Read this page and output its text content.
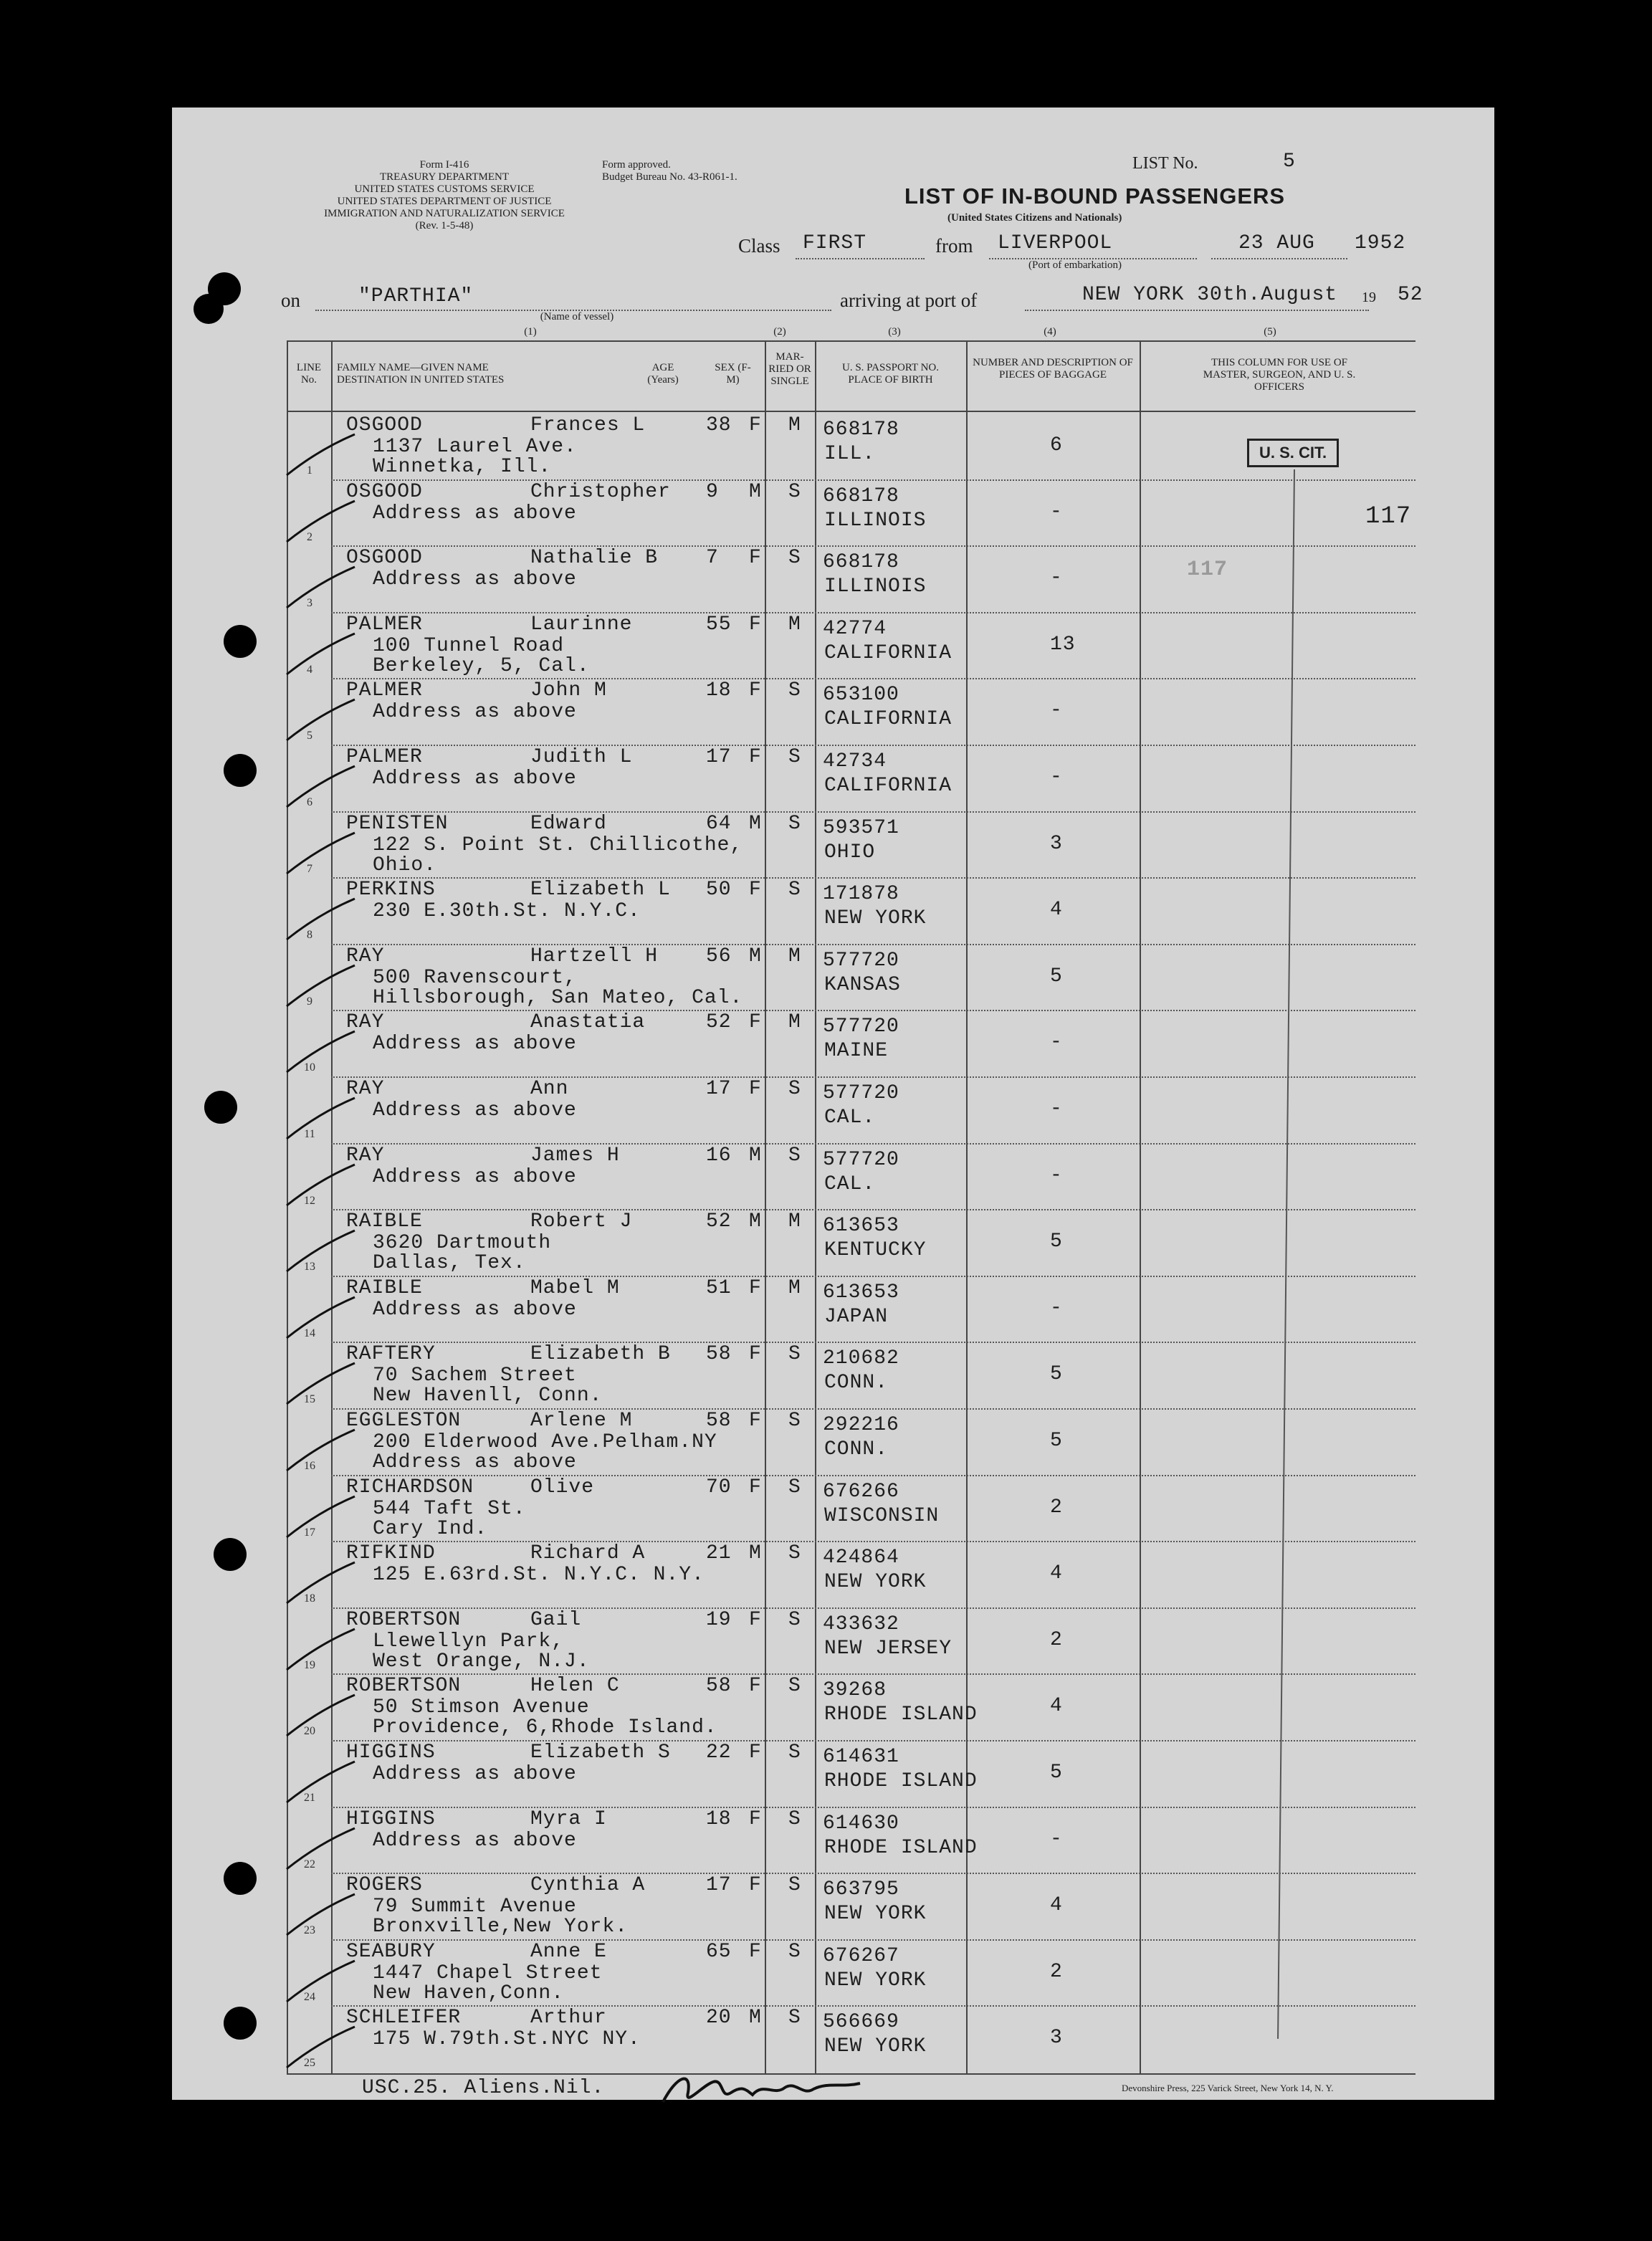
Form I-416
TREASURY DEPARTMENT
UNITED STATES CUSTOMS SERVICE
UNITED STATES DEPARTMENT OF JUSTICE
IMMIGRATION AND NATURALIZATION SERVICE
(Rev. 1-5-48)
Form approved.
Budget Bureau No. 43-R061-1.
LIST No.	5
LIST OF IN-BOUND PASSENGERS
(United States Citizens and Nationals)
Class FIRST	from LIVERPOOL
(Port of embarkation)
23 AUG 1952
on	"PARTHIA"
(Name of vessel)
arriving at port of	NEW YORK 30th.August 19 52
(1)	(2)	(3)	(4)	(5)
LINE No.
FAMILY NAME—GIVEN NAME DESTINATION IN UNITED STATES
AGE (Years)
SEX (F-M)
MAR-RIED OR SINGLE
U. S. PASSPORT NO. PLACE OF BIRTH
NUMBER AND DESCRIPTION OF PIECES OF BAGGAGE
THIS COLUMN FOR USE OF MASTER, SURGEON, AND U. S. OFFICERS
U. S. CIT.
117
117
OSGOOD	Frances L	38 F M
1137 Laurel Ave.
Winnetka, Ill.
668178
ILL.	6
1
OSGOOD	Christopher 9 M S
Address as above
668178
ILLINOIS	-
2
OSGOOD	Nathalie B 7 F S
Address as above
668178
ILLINOIS	-
3
PALMER	Laurinne	55 F M
100 Tunnel Road
Berkeley, 5, Cal.
42774
CALIFORNIA	13
4
PALMER	John M	18 F S
Address as above
653100
CALIFORNIA	-
5
PALMER	Judith L	17 F S
Address as above
42734
CALIFORNIA	-
6
PENISTEN	Edward	64 M S
122 S. Point St. Chillicothe,
Ohio.
593571
OHIO	3
7
PERKINS	Elizabeth L 50 F S
230 E.30th.St. N.Y.C.
171878
NEW YORK	4
8
RAY	Hartzell H 56 M M
500 Ravenscourt,
Hillsborough, San Mateo, Cal.
577720
KANSAS	5
9
RAY	Anastatia	52 F M
Address as above
577720
MAINE	-
10
RAY	Ann	17 F S
Address as above
577720
CAL.	-
11
RAY	James H	16 M S
Address as above
577720
CAL.	-
12
RAIBLE	Robert J	52 M M
3620 Dartmouth
Dallas, Tex.
613653
KENTUCKY	5
13
RAIBLE	Mabel M	51 F M
Address as above
613653
JAPAN	-
14
RAFTERY	Elizabeth B 58 F S
70 Sachem Street
New Havenll, Conn.
210682
CONN.	5
15
EGGLESTON	Arlene M	58 F S
200 Elderwood Ave.Pelham.NY
Address as above
292216
CONN.	5
16
RICHARDSON	Olive	70 F S
544 Taft St.
Cary Ind.
676266
WISCONSIN	2
17
RIFKIND	Richard A	21 M S
125 E.63rd.St. N.Y.C. N.Y.
424864
NEW YORK	4
18
ROBERTSON	Gail	19 F S
Llewellyn Park,
West Orange, N.J.
433632
NEW JERSEY	2
19
ROBERTSON	Helen C	58 F S
50 Stimson Avenue
Providence, 6,Rhode Island.
39268
RHODE ISLAND	4
20
HIGGINS	Elizabeth S 22 F S
Address as above
614631
RHODE ISLAND	5
21
HIGGINS	Myra I	18 F S
Address as above
614630
RHODE ISLAND	-
22
ROGERS	Cynthia A	17 F S
79 Summit Avenue
Bronxville,New York.
663795
NEW YORK	4
23
SEABURY	Anne E	65 F S
1447 Chapel Street
New Haven,Conn.
676267
NEW YORK	2
24
SCHLEIFER	Arthur	20 M S
175 W.79th.St.NYC NY.
566669
NEW YORK	3
25
USC.25. Aliens.Nil.	Devonshire Press, 225 Varick Street, New York 14, N. Y.
